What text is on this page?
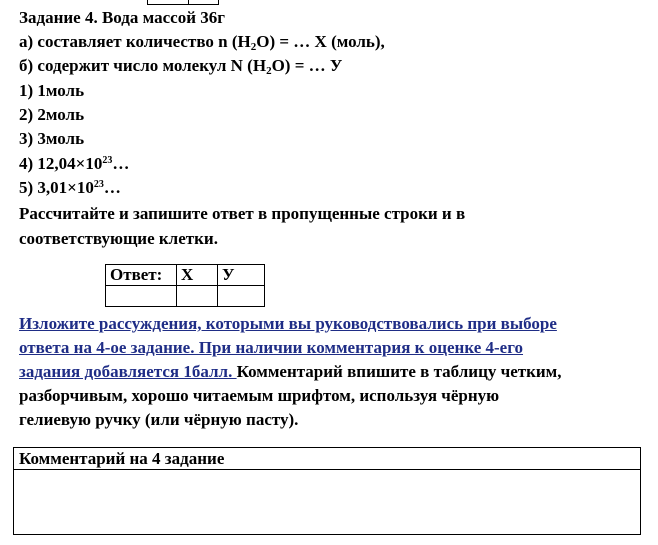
Задание 4. Вода массой 36г
а) составляет количество n $(H_2O)$ = … X (моль),
б) содержит число молекул N $(H_2O)$ = … У
1) 1моль
2) 2моль
3) 3моль
4) $12,04\times 10^{23}\dots$
5) $3,01\times 10^{23}\dots$
Рассчитайте и запишите ответ в пропущенные строки и в
соответствующие клетки.
Ответ:	Х	У

Изложите рассуждения, которыми вы руководствовались при выборе
ответа на 4-ое задание. При наличии комментария к оценке 4-его
задания добавляется 1балл. Комментарий впишите в таблицу четким,
разборчивым, хорошо читаемым шрифтом, используя чёрную
гелиевую ручку (или чёрную пасту).
Комментарий на 4 задание
